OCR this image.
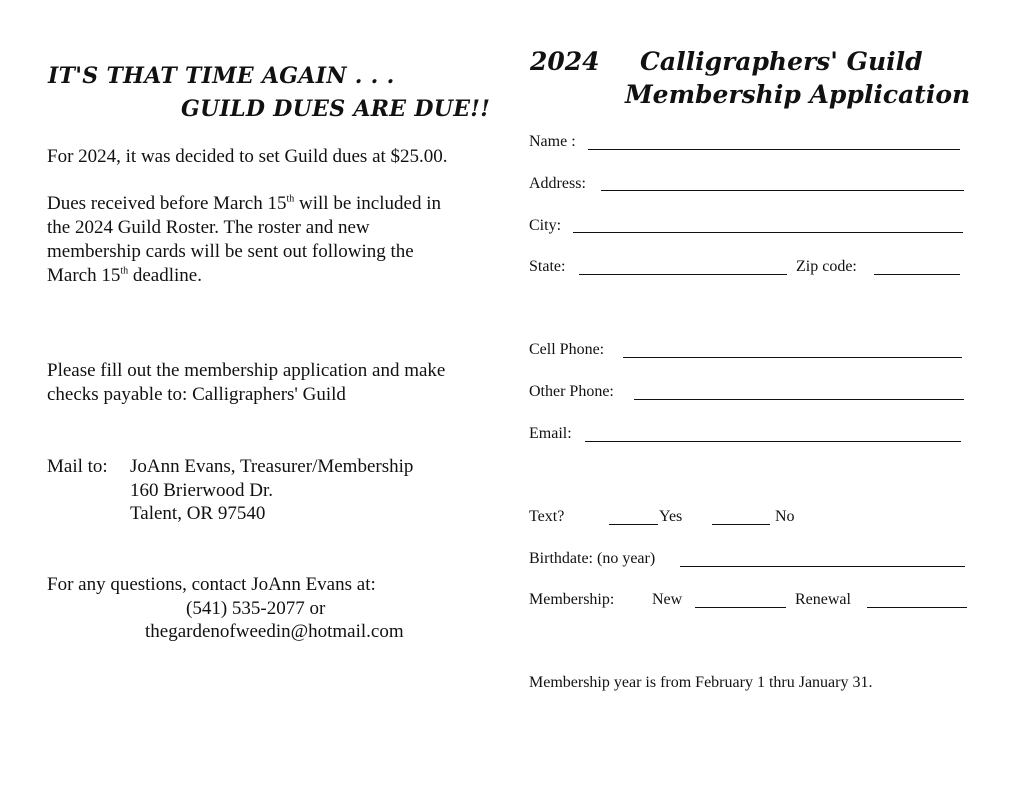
IT'S THAT TIME AGAIN . . .
GUILD DUES ARE DUE!!
For 2024, it was decided to set Guild dues at $25.00.
Dues received before March 15th will be included in
the 2024 Guild Roster. The roster and new
membership cards will be sent out following the
March 15th deadline.
Please fill out the membership application and make
checks payable to: Calligraphers' Guild
Mail to: JoAnn Evans, Treasurer/Membership
160 Brierwood Dr.
Talent, OR 97540
For any questions, contact JoAnn Evans at:
(541) 535-2077 or
thegardenofweedin@hotmail.com
2024 Calligraphers' Guild
Membership Application
Name :
Address:
City:
State:	Zip code:
Cell Phone:
Other Phone:
Email:
Text?	Yes	No
Birthdate: (no year)
Membership: New	Renewal
Membership year is from February 1 thru January 31.
